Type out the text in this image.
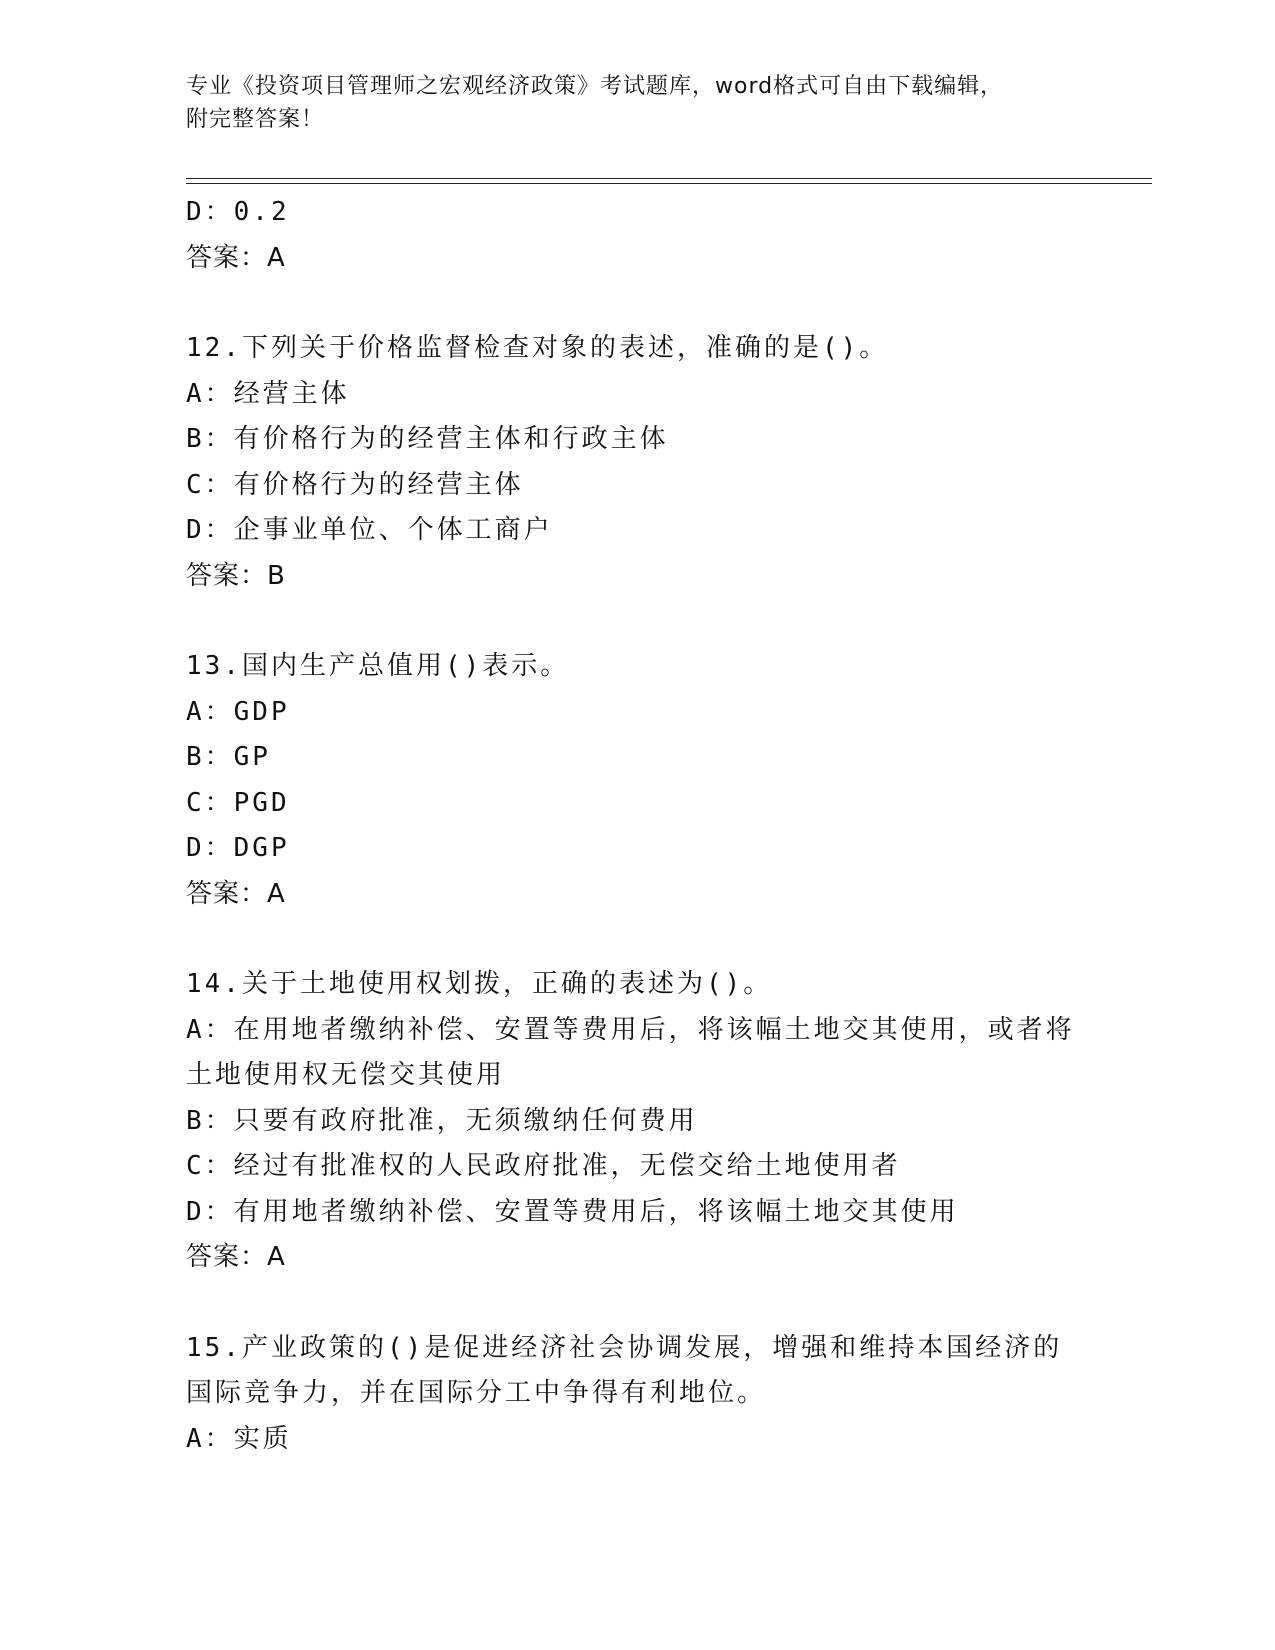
专业《投资项目管理师之宏观经济政策》考试题库，word格式可自由下载编辑，
附完整答案！
D：0.2
答案：A
12.下列关于价格监督检查对象的表述，准确的是()。
A：经营主体
B：有价格行为的经营主体和行政主体
C：有价格行为的经营主体
D：企事业单位、个体工商户
答案：B
13.国内生产总值用()表示。
A：GDP
B：GP
C：PGD
D：DGP
答案：A
14.关于土地使用权划拨，正确的表述为()。
A：在用地者缴纳补偿、安置等费用后，将该幅土地交其使用，或者将土地使用权无偿交其使用
B：只要有政府批准，无须缴纳任何费用
C：经过有批准权的人民政府批准，无偿交给土地使用者
D：有用地者缴纳补偿、安置等费用后，将该幅土地交其使用
答案：A
15.产业政策的()是促进经济社会协调发展，增强和维持本国经济的国际竞争力，并在国际分工中争得有利地位。
A：实质
